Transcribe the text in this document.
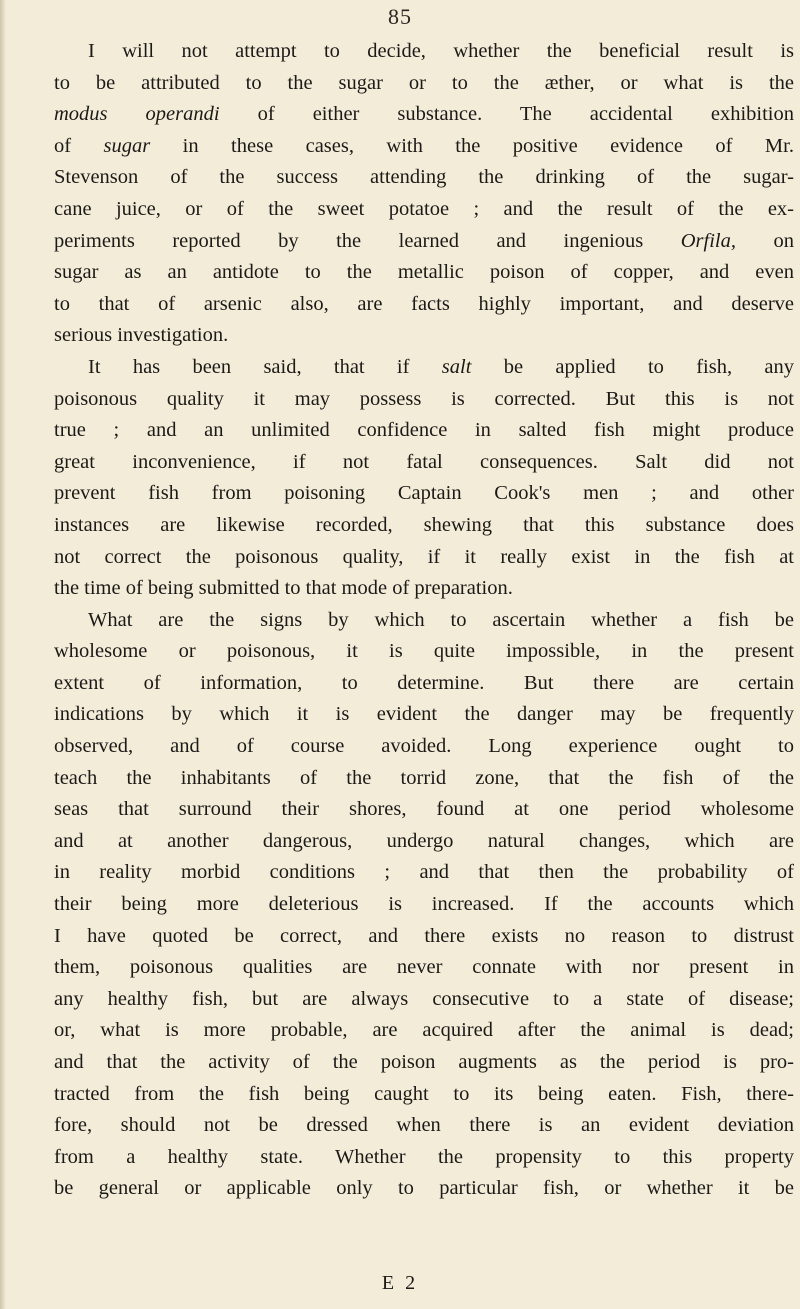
85
I will not attempt to decide, whether the beneficial result is
to be attributed to the sugar or to the æther, or what is the
modus operandi of either substance. The accidental exhibition
of sugar in these cases, with the positive evidence of Mr.
Stevenson of the success attending the drinking of the sugar-
cane juice, or of the sweet potatoe ; and the result of the ex-
periments reported by the learned and ingenious Orfila, on
sugar as an antidote to the metallic poison of copper, and even
to that of arsenic also, are facts highly important, and deserve
serious investigation.
It has been said, that if salt be applied to fish, any
poisonous quality it may possess is corrected. But this is not
true ; and an unlimited confidence in salted fish might produce
great inconvenience, if not fatal consequences. Salt did not
prevent fish from poisoning Captain Cook's men ; and other
instances are likewise recorded, shewing that this substance does
not correct the poisonous quality, if it really exist in the fish at
the time of being submitted to that mode of preparation.
What are the signs by which to ascertain whether a fish be
wholesome or poisonous, it is quite impossible, in the present
extent of information, to determine. But there are certain
indications by which it is evident the danger may be frequently
observed, and of course avoided. Long experience ought to
teach the inhabitants of the torrid zone, that the fish of the
seas that surround their shores, found at one period wholesome
and at another dangerous, undergo natural changes, which are
in reality morbid conditions ; and that then the probability of
their being more deleterious is increased. If the accounts which
I have quoted be correct, and there exists no reason to distrust
them, poisonous qualities are never connate with nor present in
any healthy fish, but are always consecutive to a state of disease;
or, what is more probable, are acquired after the animal is dead;
and that the activity of the poison augments as the period is pro-
tracted from the fish being caught to its being eaten. Fish, there-
fore, should not be dressed when there is an evident deviation
from a healthy state. Whether the propensity to this property
be general or applicable only to particular fish, or whether it be
E 2
